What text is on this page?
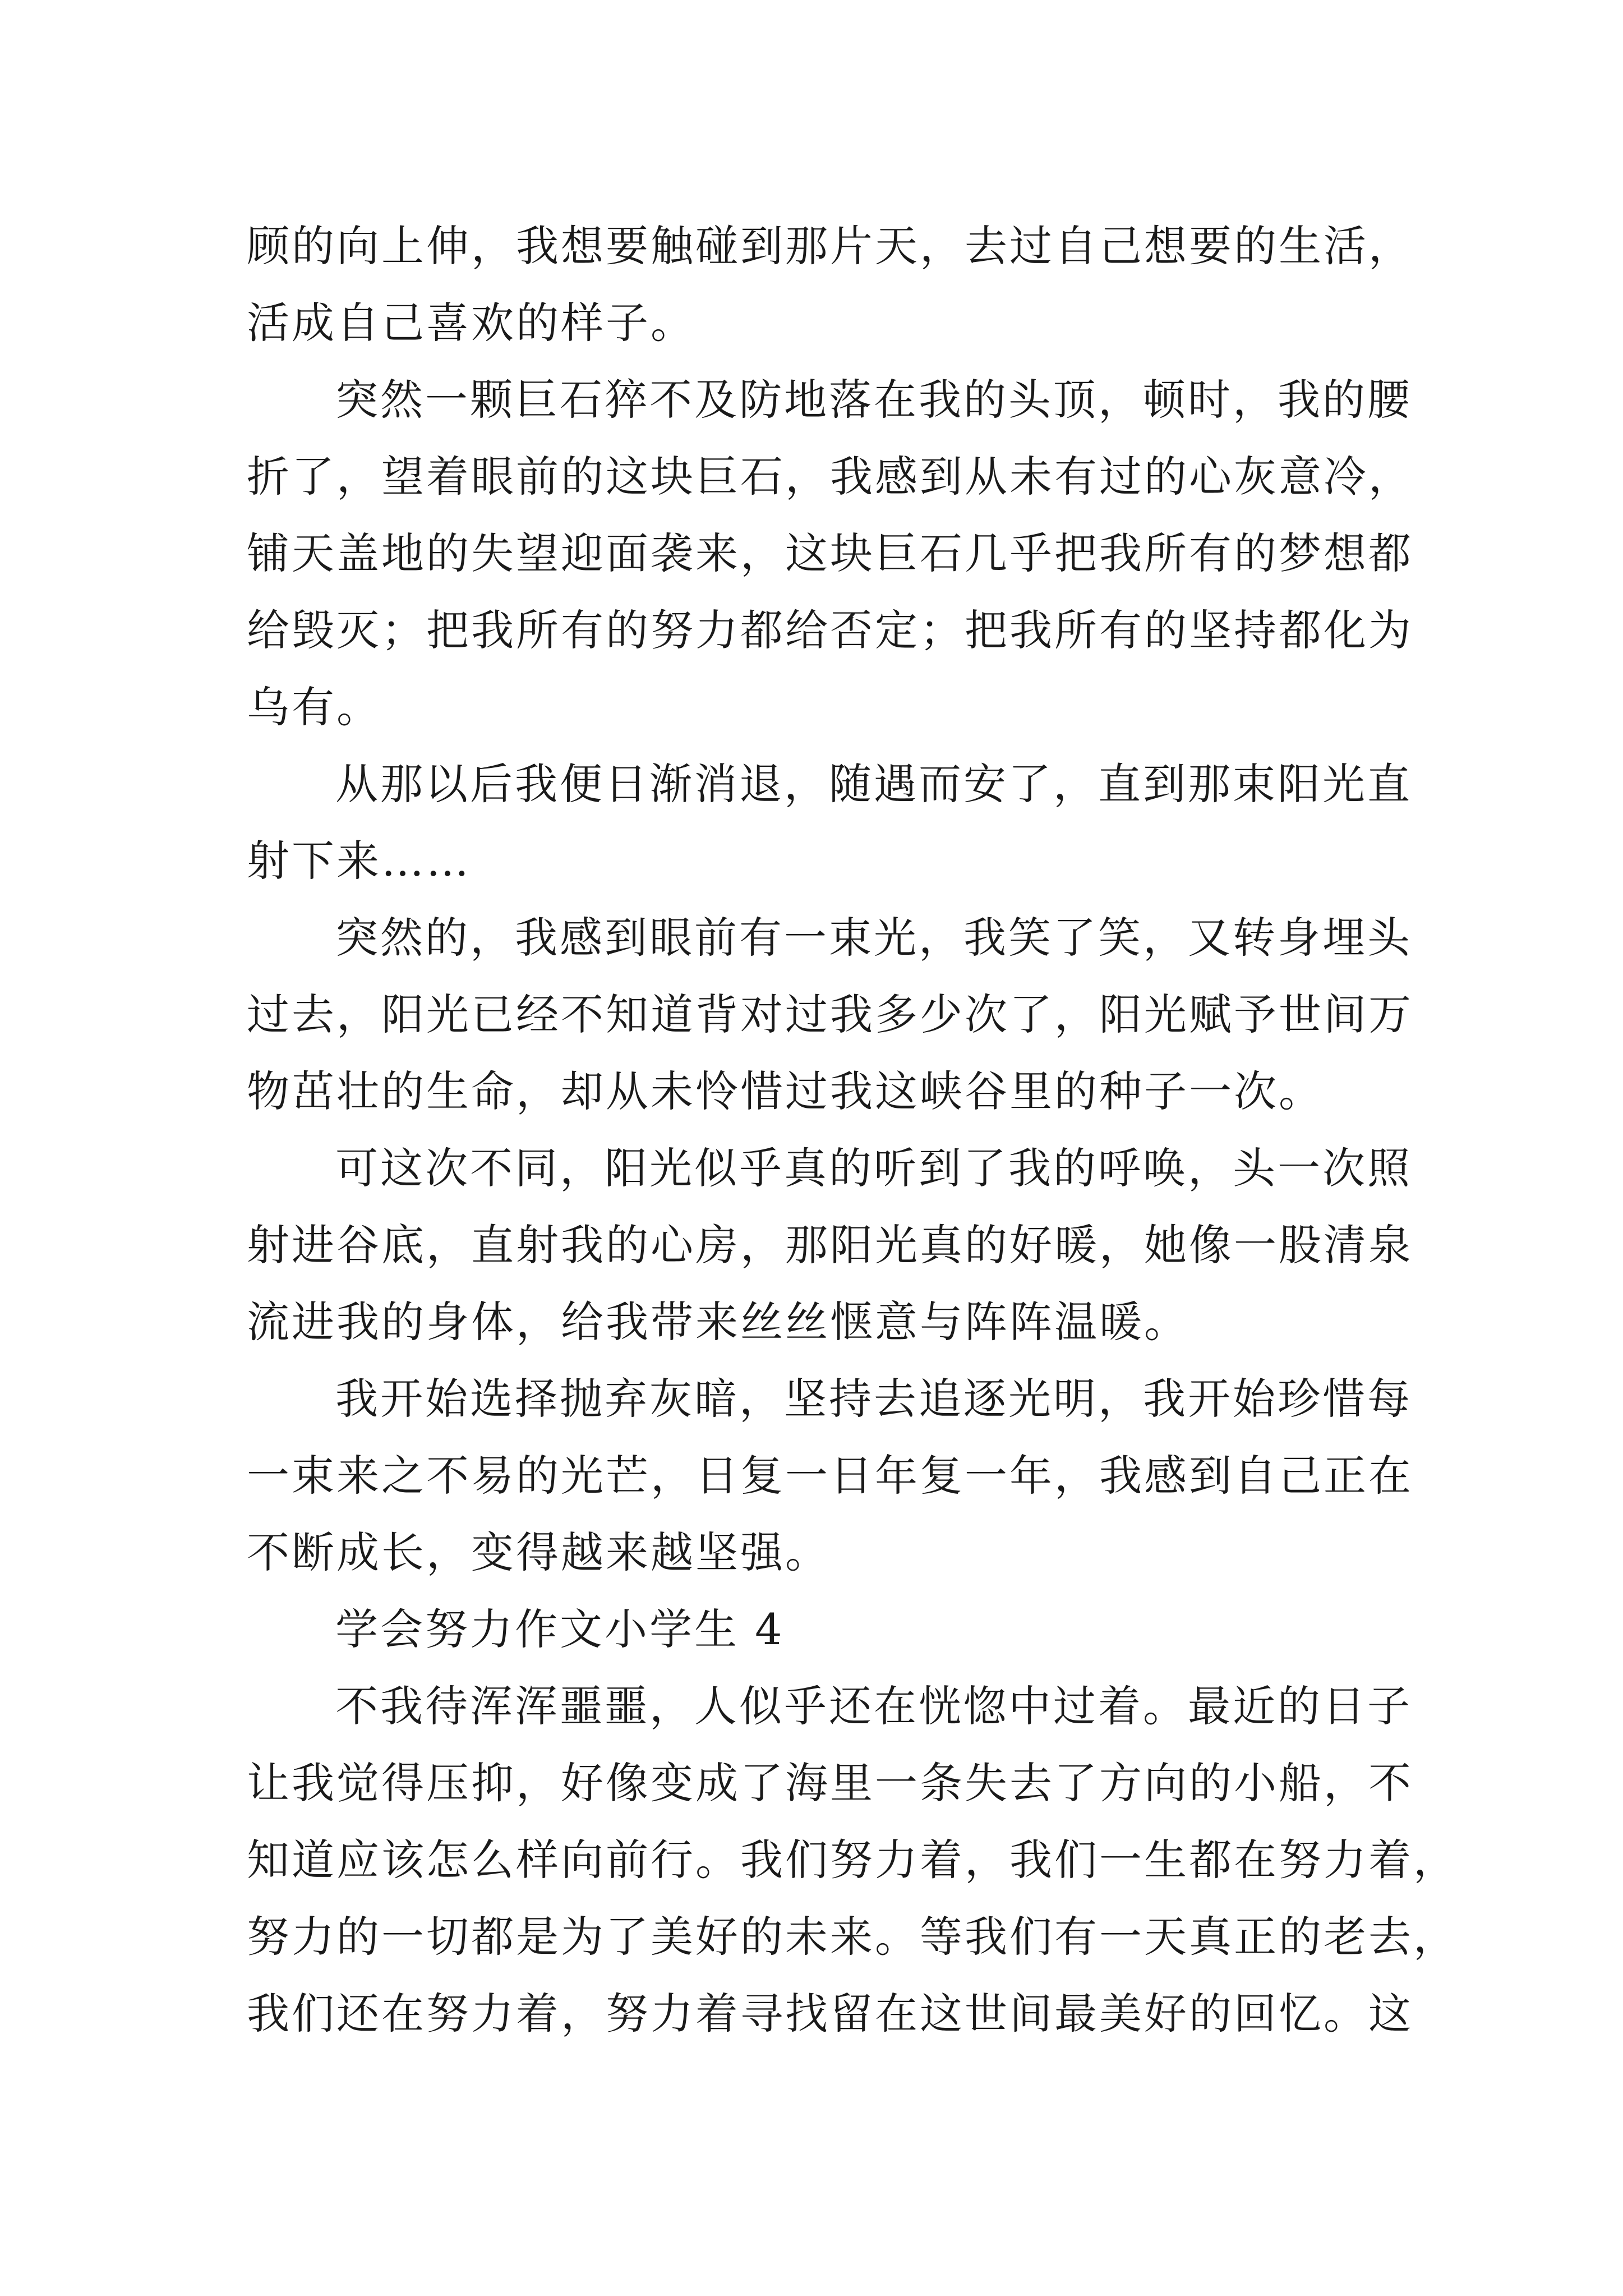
顾的向上伸，我想要触碰到那片天，去过自己想要的生活，
活成自己喜欢的样子。
突然一颗巨石猝不及防地落在我的头顶，顿时，我的腰
折了，望着眼前的这块巨石，我感到从未有过的心灰意冷，
铺天盖地的失望迎面袭来，这块巨石几乎把我所有的梦想都
给毁灭；把我所有的努力都给否定；把我所有的坚持都化为
乌有。
从那以后我便日渐消退，随遇而安了，直到那束阳光直
射下来……
突然的，我感到眼前有一束光，我笑了笑，又转身埋头
过去，阳光已经不知道背对过我多少次了，阳光赋予世间万
物茁壮的生命，却从未怜惜过我这峡谷里的种子一次。
可这次不同，阳光似乎真的听到了我的呼唤，头一次照
射进谷底，直射我的心房，那阳光真的好暖，她像一股清泉
流进我的身体，给我带来丝丝惬意与阵阵温暖。
我开始选择抛弃灰暗，坚持去追逐光明，我开始珍惜每
一束来之不易的光芒，日复一日年复一年，我感到自己正在
不断成长，变得越来越坚强。
学会努力作文小学生 4
不我待浑浑噩噩，人似乎还在恍惚中过着。最近的日子
让我觉得压抑，好像变成了海里一条失去了方向的小船，不
知道应该怎么样向前行。我们努力着，我们一生都在努力着，
努力的一切都是为了美好的未来。等我们有一天真正的老去，
我们还在努力着，努力着寻找留在这世间最美好的回忆。这
